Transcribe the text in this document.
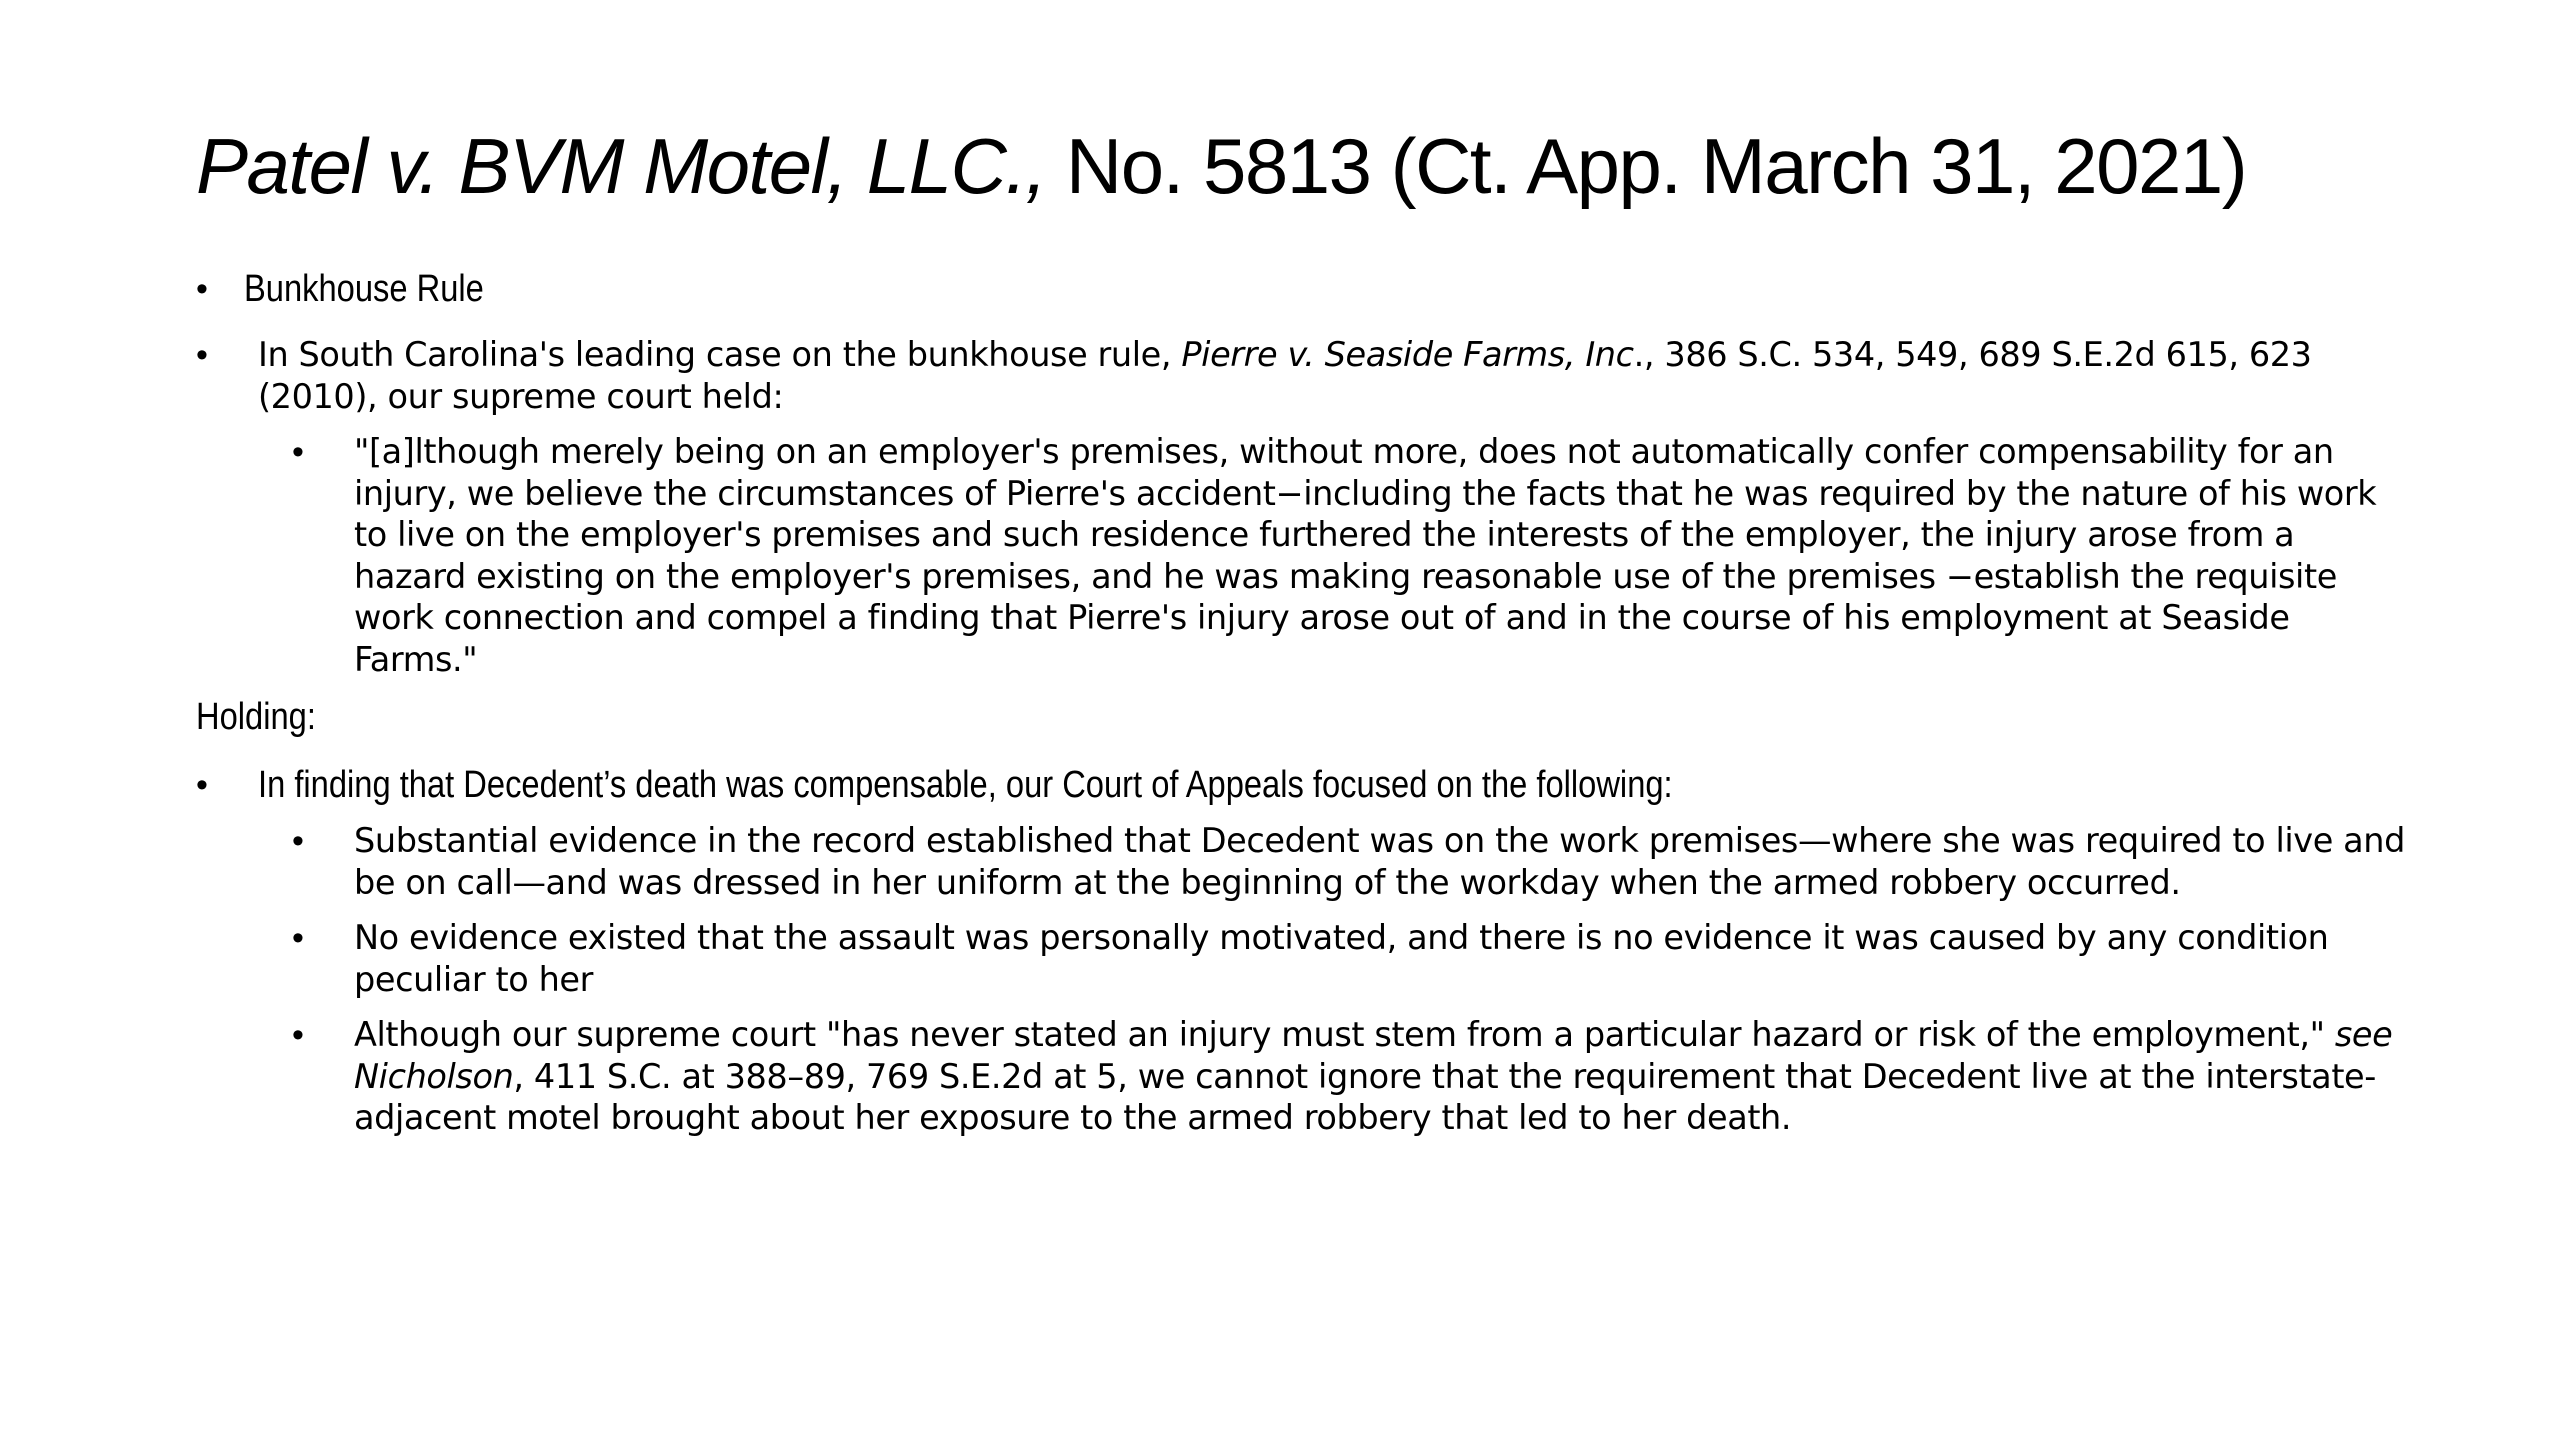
Patel v. BVM Motel, LLC., No. 5813 (Ct. App. March 31, 2021)
• Bunkhouse Rule
• In South Carolina's leading case on the bunkhouse rule, Pierre v. Seaside Farms, Inc., 386 S.C. 534, 549, 689 S.E.2d 615, 623 (2010), our supreme court held:
• "[a]lthough merely being on an employer's premises, without more, does not automatically confer compensability for an injury, we believe the circumstances of Pierre's accident−including the facts that he was required by the nature of his work to live on the employer's premises and such residence furthered the interests of the employer, the injury arose from a hazard existing on the employer's premises, and he was making reasonable use of the premises −establish the requisite work connection and compel a finding that Pierre's injury arose out of and in the course of his employment at Seaside Farms."
Holding:
• In finding that Decedent’s death was compensable, our Court of Appeals focused on the following:
• Substantial evidence in the record established that Decedent was on the work premises—where she was required to live and be on call—and was dressed in her uniform at the beginning of the workday when the armed robbery occurred.
• No evidence existed that the assault was personally motivated, and there is no evidence it was caused by any condition peculiar to her
• Although our supreme court "has never stated an injury must stem from a particular hazard or risk of the employment," see Nicholson, 411 S.C. at 388–89, 769 S.E.2d at 5, we cannot ignore that the requirement that Decedent live at the interstate-adjacent motel brought about her exposure to the armed robbery that led to her death.
